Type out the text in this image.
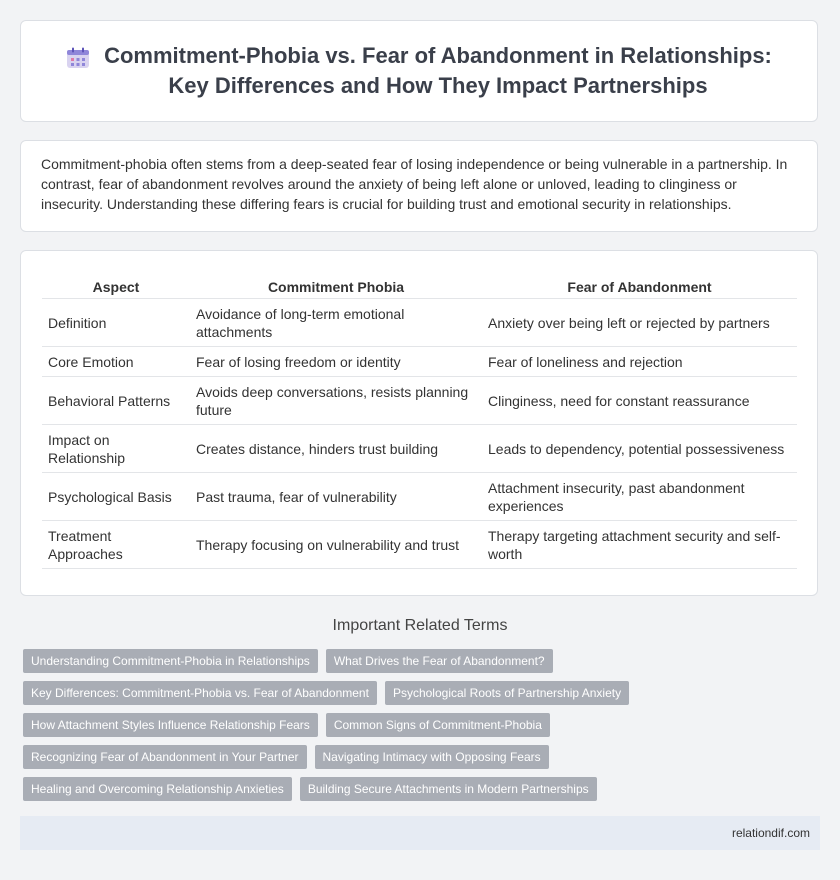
Commitment-Phobia vs. Fear of Abandonment in Relationships:
Key Differences and How They Impact Partnerships

Commitment-phobia often stems from a deep-seated fear of losing independence or being vulnerable in a partnership. In contrast, fear of abandonment revolves around the anxiety of being left alone or unloved, leading to clinginess or insecurity. Understanding these differing fears is crucial for building trust and emotional security in relationships.

Aspect	Commitment Phobia	Fear of Abandonment
Definition	Avoidance of long-term emotional attachments	Anxiety over being left or rejected by partners
Core Emotion	Fear of losing freedom or identity	Fear of loneliness and rejection
Behavioral Patterns	Avoids deep conversations, resists planning future	Clinginess, need for constant reassurance
Impact on Relationship	Creates distance, hinders trust building	Leads to dependency, potential possessiveness
Psychological Basis	Past trauma, fear of vulnerability	Attachment insecurity, past abandonment experiences
Treatment Approaches	Therapy focusing on vulnerability and trust	Therapy targeting attachment security and self-worth
Important Related Terms
Understanding Commitment-Phobia in Relationships	What Drives the Fear of Abandonment?
Key Differences: Commitment-Phobia vs. Fear of Abandonment	Psychological Roots of Partnership Anxiety
How Attachment Styles Influence Relationship Fears	Common Signs of Commitment-Phobia
Recognizing Fear of Abandonment in Your Partner	Navigating Intimacy with Opposing Fears
Healing and Overcoming Relationship Anxieties	Building Secure Attachments in Modern Partnerships
relationdif.com
